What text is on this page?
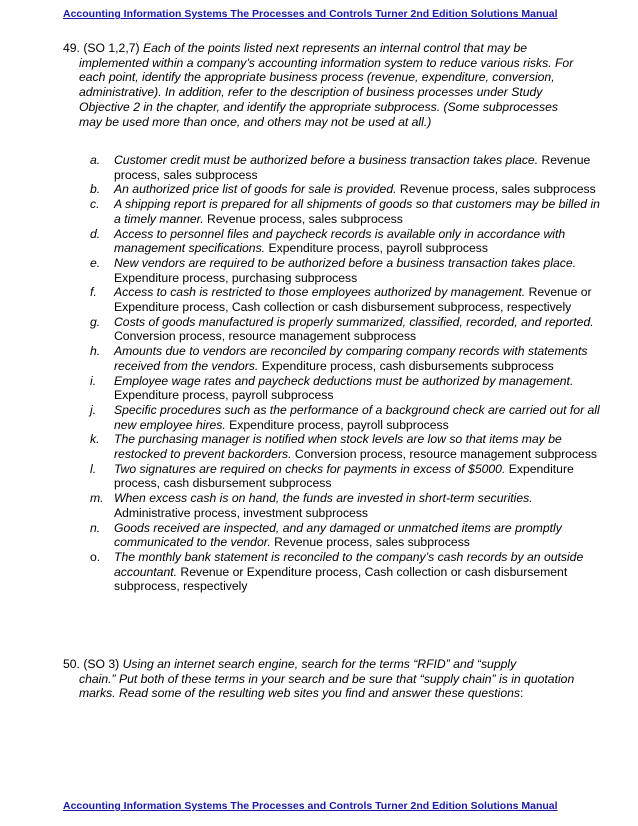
Accounting Information Systems The Processes and Controls Turner 2nd Edition Solutions Manual
49. (SO 1,2,7) Each of the points listed next represents an internal control that may be
implemented within a company’s accounting information system to reduce various risks. For each point, identify the appropriate business process (revenue, expenditure, conversion, administrative). In addition, refer to the description of business processes under Study Objective 2 in the chapter, and identify the appropriate subprocess. (Some subprocesses may be used more than once, and others may not be used at all.)
a. Customer credit must be authorized before a business transaction takes place. Revenue process, sales subprocess
b. An authorized price list of goods for sale is provided. Revenue process, sales subprocess
c. A shipping report is prepared for all shipments of goods so that customers may be billed in a timely manner. Revenue process, sales subprocess
d. Access to personnel files and paycheck records is available only in accordance with management specifications. Expenditure process, payroll subprocess
e. New vendors are required to be authorized before a business transaction takes place. Expenditure process, purchasing subprocess
f. Access to cash is restricted to those employees authorized by management. Revenue or Expenditure process, Cash collection or cash disbursement subprocess, respectively
g. Costs of goods manufactured is properly summarized, classified, recorded, and reported. Conversion process, resource management subprocess
h. Amounts due to vendors are reconciled by comparing company records with statements received from the vendors. Expenditure process, cash disbursements subprocess
i. Employee wage rates and paycheck deductions must be authorized by management. Expenditure process, payroll subprocess
j. Specific procedures such as the performance of a background check are carried out for all new employee hires. Expenditure process, payroll subprocess
k. The purchasing manager is notified when stock levels are low so that items may be restocked to prevent backorders. Conversion process, resource management subprocess
l. Two signatures are required on checks for payments in excess of $5000. Expenditure process, cash disbursement subprocess
m. When excess cash is on hand, the funds are invested in short-term securities. Administrative process, investment subprocess
n. Goods received are inspected, and any damaged or unmatched items are promptly communicated to the vendor. Revenue process, sales subprocess
o. The monthly bank statement is reconciled to the company’s cash records by an outside accountant. Revenue or Expenditure process, Cash collection or cash disbursement subprocess, respectively
50. (SO 3) Using an internet search engine, search for the terms “RFID” and “supply
chain.” Put both of these terms in your search and be sure that “supply chain” is in quotation marks. Read some of the resulting web sites you find and answer these questions:
Accounting Information Systems The Processes and Controls Turner 2nd Edition Solutions Manual
